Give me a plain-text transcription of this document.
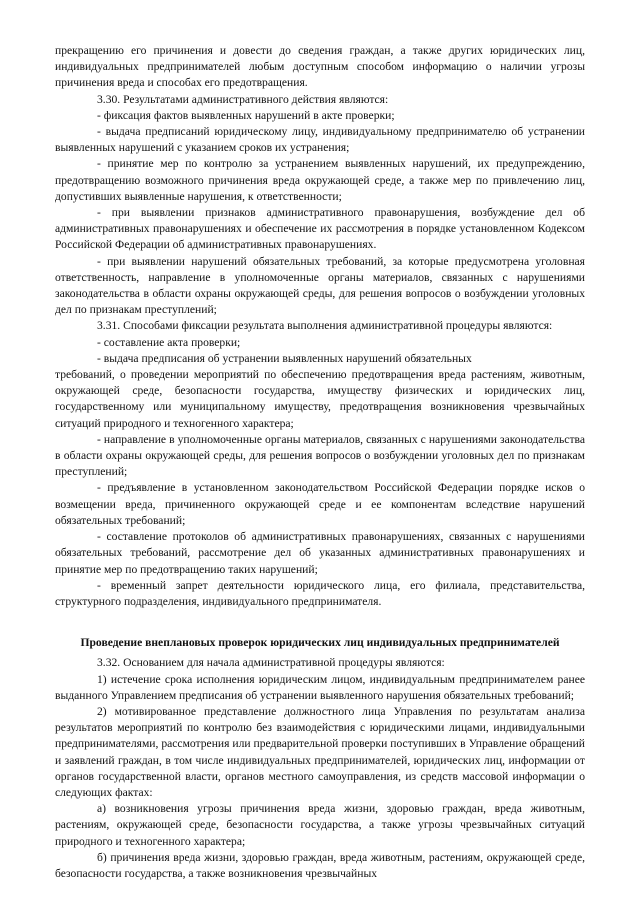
прекращению его причинения и довести до сведения граждан, а также других юридических лиц, индивидуальных предпринимателей любым доступным способом информацию о наличии угрозы причинения вреда и способах его предотвращения.

3.30. Результатами административного действия являются:

- фиксация фактов выявленных нарушений в акте проверки;

- выдача предписаний юридическому лицу, индивидуальному предпринимателю об устранении выявленных нарушений с указанием сроков их устранения;

- принятие мер по контролю за устранением выявленных нарушений, их предупреждению, предотвращению возможного причинения вреда окружающей среде, а также мер по привлечению лиц, допустивших выявленные нарушения, к ответственности;

- при выявлении признаков административного правонарушения, возбуждение дел об административных правонарушениях и обеспечение их рассмотрения в порядке установленном Кодексом Российской Федерации об административных правонарушениях.

- при выявлении нарушений обязательных требований, за которые предусмотрена уголовная ответственность, направление в уполномоченные органы материалов, связанных с нарушениями законодательства в области охраны окружающей среды, для решения вопросов о возбуждении уголовных дел по признакам преступлений;

3.31. Способами фиксации результата выполнения административной процедуры являются:

- составление акта проверки;

- выдача предписания об устранении выявленных нарушений обязательных

требований, о проведении мероприятий по обеспечению предотвращения вреда растениям, животным, окружающей среде, безопасности государства, имуществу физических и юридических лиц, государственному или муниципальному имуществу, предотвращения возникновения чрезвычайных ситуаций природного и техногенного характера;

- направление в уполномоченные органы материалов, связанных с нарушениями законодательства в области охраны окружающей среды, для решения вопросов о возбуждении уголовных дел по признакам преступлений;

- предъявление в установленном законодательством Российской Федерации порядке исков о возмещении вреда, причиненного окружающей среде и ее компонентам вследствие нарушений обязательных требований;

- составление протоколов об административных правонарушениях, связанных с нарушениями обязательных требований, рассмотрение дел об указанных административных правонарушениях и принятие мер по предотвращению таких нарушений;

- временный запрет деятельности юридического лица, его филиала, представительства, структурного подразделения, индивидуального предпринимателя.

Проведение внеплановых проверок юридических лиц индивидуальных предпринимателей

3.32. Основанием для начала административной процедуры являются:

1) истечение срока исполнения юридическим лицом, индивидуальным предпринимателем ранее выданного Управлением предписания об устранении выявленного нарушения обязательных требований;

2) мотивированное представление должностного лица Управления по результатам анализа результатов мероприятий по контролю без взаимодействия с юридическими лицами, индивидуальными предпринимателями, рассмотрения или предварительной проверки поступивших в Управление обращений и заявлений граждан, в том числе индивидуальных предпринимателей, юридических лиц, информации от органов государственной власти, органов местного самоуправления, из средств массовой информации о следующих фактах:

а) возникновения угрозы причинения вреда жизни, здоровью граждан, вреда животным, растениям, окружающей среде, безопасности государства, а также угрозы чрезвычайных ситуаций природного и техногенного характера;

б) причинения вреда жизни, здоровью граждан, вреда животным, растениям, окружающей среде, безопасности государства, а также возникновения чрезвычайных
